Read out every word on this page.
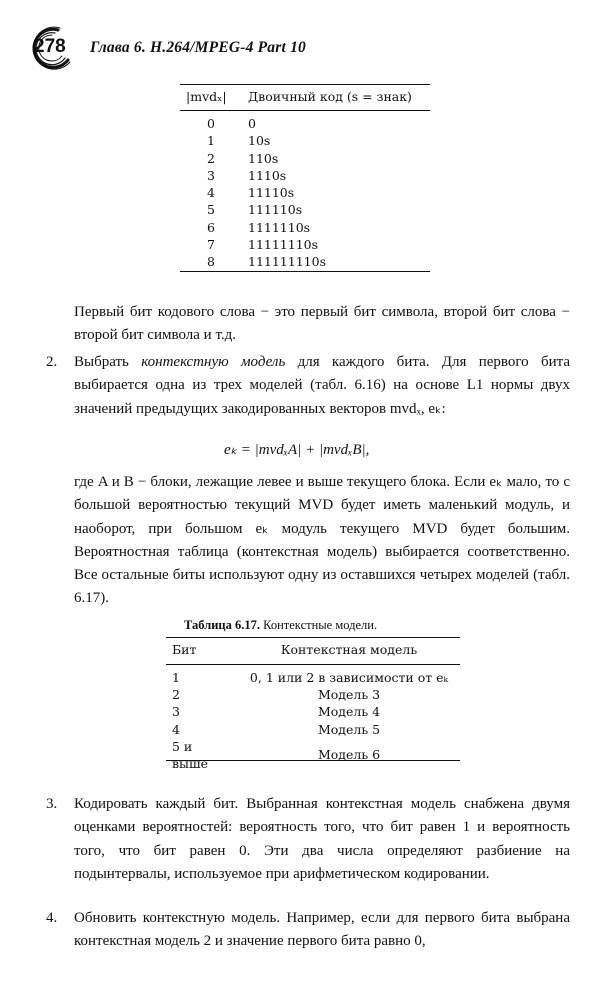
278 Глава 6. H.264/MPEG-4 Part 10
|mvdₓ|	Двоичный код (s = знак)
0	0
1	10s
2	110s
3	1110s
4	11110s
5	111110s
6	1111110s
7	11111110s
8	111111110s
Первый бит кодового слова − это первый бит символа, второй бит слова − второй бит символа и т.д.
2. Выбрать контекстную модель для каждого бита. Для первого бита выбирается одна из трех моделей (табл. 6.16) на основе L1 нормы двух значений предыдущих закодированных векторов mvdₓ, eₖ:
eₖ = |mvdₓA| + |mvdₓB|,
где A и B − блоки, лежащие левее и выше текущего блока. Если eₖ мало, то с большой вероятностью текущий MVD будет иметь маленький модуль, и наоборот, при большом eₖ модуль текущего MVD будет большим. Вероятностная таблица (контекстная модель) выбирается соответственно. Все остальные биты используют одну из оставшихся четырех моделей (табл. 6.17).
Таблица 6.17. Контекстные модели.
Бит	Контекстная модель
1	0, 1 или 2 в зависимости от eₖ
2	Модель 3
3	Модель 4
4	Модель 5
5 и выше	Модель 6
3. Кодировать каждый бит. Выбранная контекстная модель снабжена двумя оценками вероятностей: вероятность того, что бит равен 1 и вероятность того, что бит равен 0. Эти два числа определяют разбиение на подынтервалы, используемое при арифметическом кодировании.
4. Обновить контекстную модель. Например, если для первого бита выбрана контекстная модель 2 и значение первого бита равно 0,
